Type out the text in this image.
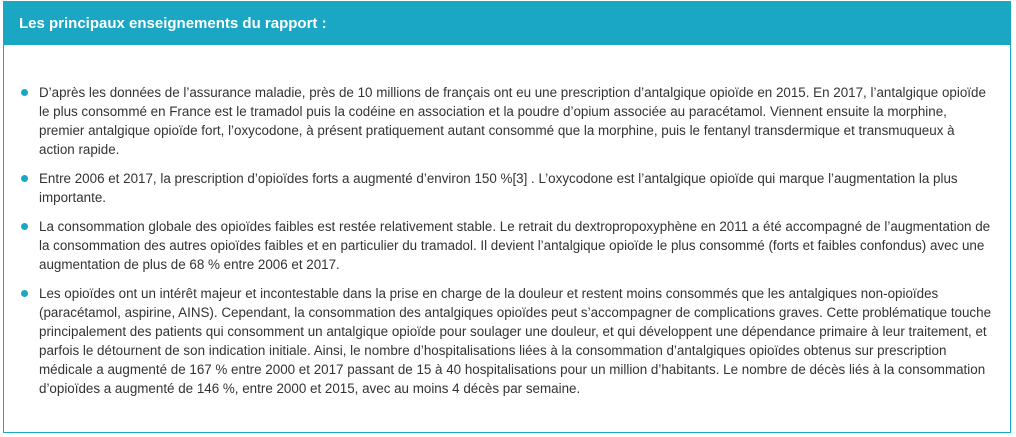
Les principaux enseignements du rapport :
D’après les données de l’assurance maladie, près de 10 millions de français ont eu une prescription d’antalgique opioïde en 2015. En 2017, l’antalgique opioïde le plus consommé en France est le tramadol puis la codéine en association et la poudre d’opium associée au paracétamol. Viennent ensuite la morphine, premier antalgique opioïde fort, l’oxycodone, à présent pratiquement autant consommé que la morphine, puis le fentanyl transdermique et transmuqueux à action rapide.
Entre 2006 et 2017, la prescription d’opioïdes forts a augmenté d’environ 150 %[3] . L’oxycodone est l’antalgique opioïde qui marque l’augmentation la plus importante.
La consommation globale des opioïdes faibles est restée relativement stable. Le retrait du dextropropoxyphène en 2011 a été accompagné de l’augmentation de la consommation des autres opioïdes faibles et en particulier du tramadol. Il devient l’antalgique opioïde le plus consommé (forts et faibles confondus) avec une augmentation de plus de 68 % entre 2006 et 2017.
Les opioïdes ont un intérêt majeur et incontestable dans la prise en charge de la douleur et restent moins consommés que les antalgiques non-opioïdes (paracétamol, aspirine, AINS). Cependant, la consommation des antalgiques opioïdes peut s’accompagner de complications graves. Cette problématique touche principalement des patients qui consomment un antalgique opioïde pour soulager une douleur, et qui développent une dépendance primaire à leur traitement, et parfois le détournent de son indication initiale. Ainsi, le nombre d’hospitalisations liées à la consommation d’antalgiques opioïdes obtenus sur prescription médicale a augmenté de 167 % entre 2000 et 2017 passant de 15 à 40 hospitalisations pour un million d’habitants. Le nombre de décès liés à la consommation d’opioïdes a augmenté de 146 %, entre 2000 et 2015, avec au moins 4 décès par semaine.
